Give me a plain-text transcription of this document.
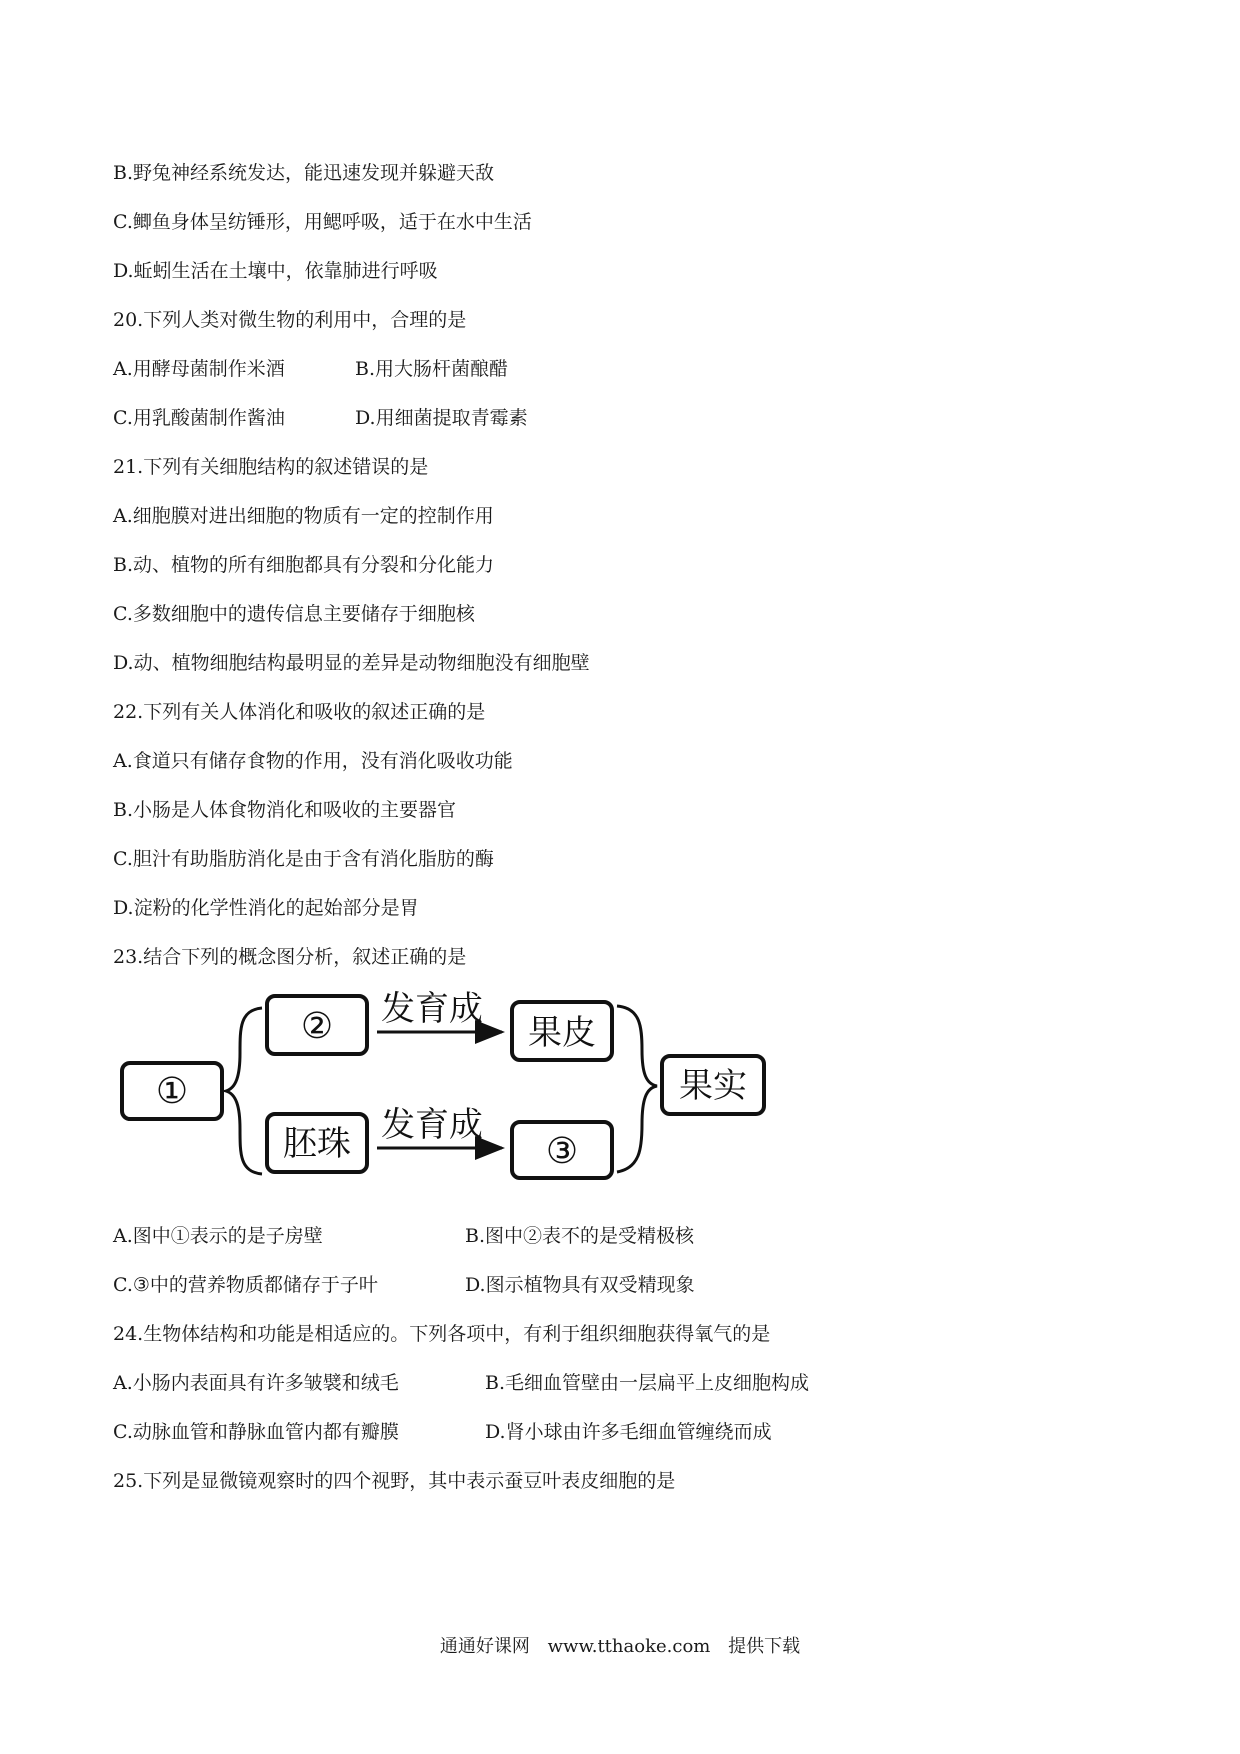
B.野兔神经系统发达，能迅速发现并躲避天敌
C.鲫鱼身体呈纺锤形，用鳃呼吸，适于在水中生活
D.蚯蚓生活在土壤中，依靠肺进行呼吸
20.下列人类对微生物的利用中，合理的是
A.用酵母菌制作米酒	B.用大肠杆菌酿醋
C.用乳酸菌制作酱油	D.用细菌提取青霉素
21.下列有关细胞结构的叙述错误的是
A.细胞膜对进出细胞的物质有一定的控制作用
B.动、植物的所有细胞都具有分裂和分化能力
C.多数细胞中的遗传信息主要储存于细胞核
D.动、植物细胞结构最明显的差异是动物细胞没有细胞壁
22.下列有关人体消化和吸收的叙述正确的是
A.食道只有储存食物的作用，没有消化吸收功能
B.小肠是人体食物消化和吸收的主要器官
C.胆汁有助脂肪消化是由于含有消化脂肪的酶
D.淀粉的化学性消化的起始部分是胃
23.结合下列的概念图分析，叙述正确的是
①
②
胚珠
发育成
发育成
果皮
③
果实
A.图中①表示的是子房壁	B.图中②表不的是受精极核
C.③中的营养物质都储存于子叶	D.图示植物具有双受精现象
24.生物体结构和功能是相适应的。下列各项中，有利于组织细胞获得氧气的是
A.小肠内表面具有许多皱襞和绒毛	B.毛细血管壁由一层扁平上皮细胞构成
C.动脉血管和静脉血管内都有瓣膜	D.肾小球由许多毛细血管缠绕而成
25.下列是显微镜观察时的四个视野，其中表示蚕豆叶表皮细胞的是
通通好课网 www.tthaoke.com 提供下载
